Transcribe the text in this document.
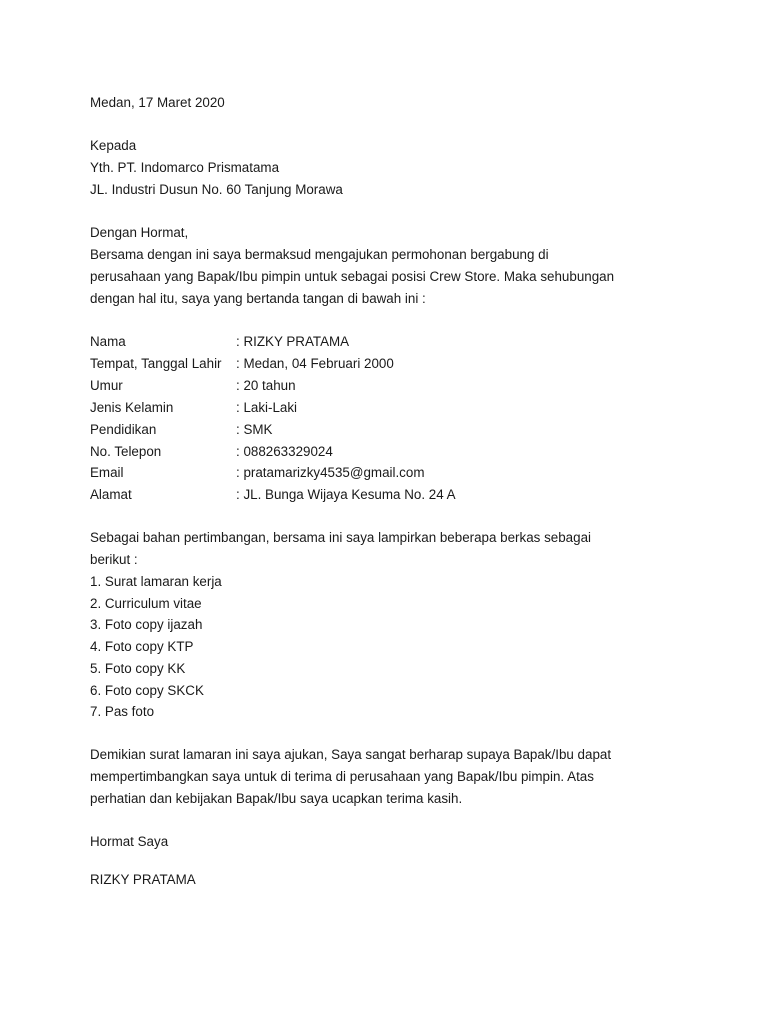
Medan, 17 Maret 2020
Kepada
Yth. PT. Indomarco Prismatama
JL. Industri Dusun No. 60 Tanjung Morawa
Dengan Hormat,
Bersama dengan ini saya bermaksud mengajukan permohonan bergabung di
perusahaan yang Bapak/Ibu pimpin untuk sebagai posisi Crew Store. Maka sehubungan
dengan hal itu, saya yang bertanda tangan di bawah ini :
Nama	: RIZKY PRATAMA
Tempat, Tanggal Lahir : Medan, 04 Februari 2000
Umur	: 20 tahun
Jenis Kelamin	: Laki-Laki
Pendidikan	: SMK
No. Telepon	: 088263329024
Email	: pratamarizky4535@gmail.com
Alamat	: JL. Bunga Wijaya Kesuma No. 24 A
Sebagai bahan pertimbangan, bersama ini saya lampirkan beberapa berkas sebagai
berikut :
1. Surat lamaran kerja
2. Curriculum vitae
3. Foto copy ijazah
4. Foto copy KTP
5. Foto copy KK
6. Foto copy SKCK
7. Pas foto
Demikian surat lamaran ini saya ajukan, Saya sangat berharap supaya Bapak/Ibu dapat
mempertimbangkan saya untuk di terima di perusahaan yang Bapak/Ibu pimpin. Atas
perhatian dan kebijakan Bapak/Ibu saya ucapkan terima kasih.
Hormat Saya
RIZKY PRATAMA
